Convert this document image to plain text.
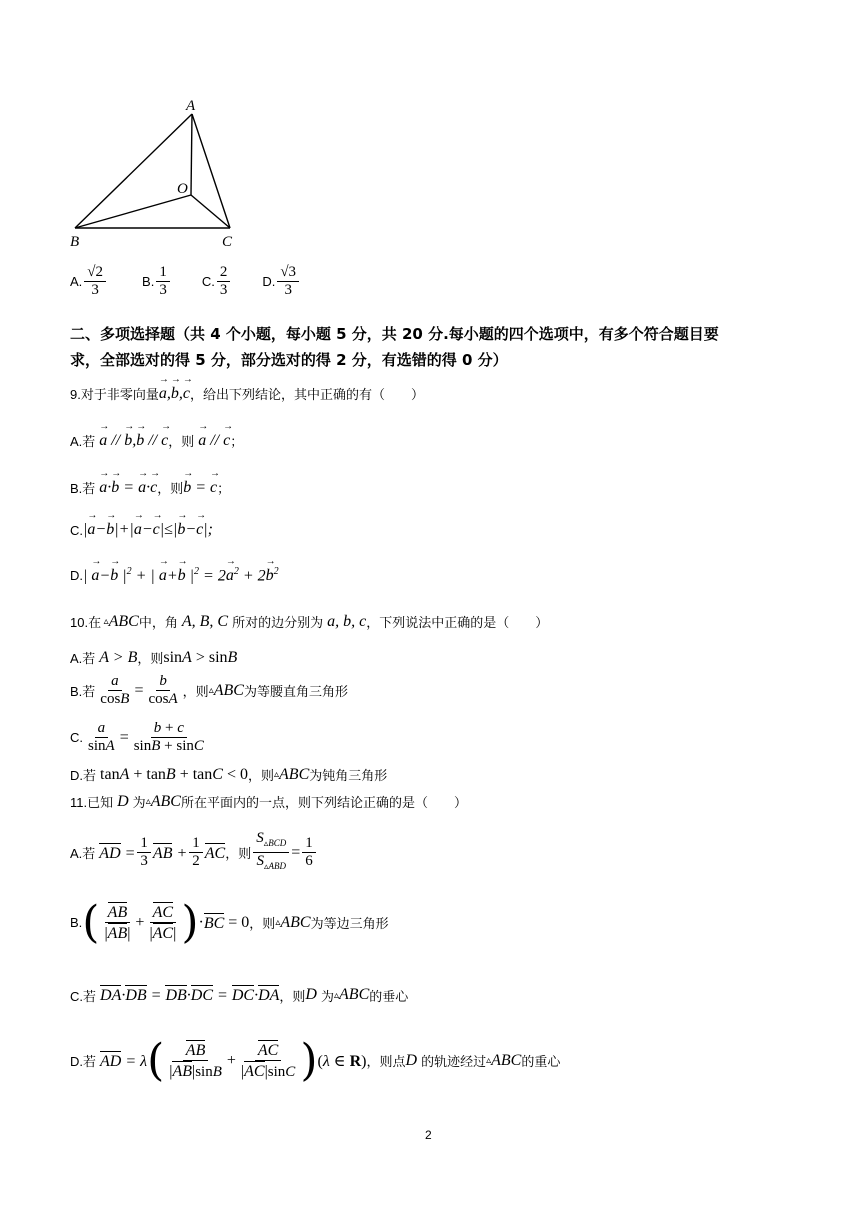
A
O
B	C
A. $\frac{√2}{3}$	B. $\frac{1}{3} C$. $\frac{2}{3} D$. $\frac{√3}{3}$
二、多项选择题（共 4 个小题，每小题 5 分，共 20 分.每小题的四个选项中，有多个符合题目要
求，全部选对的得 5 分，部分选对的得 2 分，有选错的得 0 分）
9.对于非零向量 → a,→ b,→ c ，给出下列结论，其中正确的有（　　）
A.若 → a // → b,→ b // → c ，则 → a // → c ；
B.若 → a·→ b = → a·→ c ，则 → b = → c ；
C. |→ a−→ b|+|→ a−→ c|≤|→ b−→ c|;
D. | → a−→ b $|^2$ + | → a+→ b $|^2 = 2\to a^2 + 2\to b^2$
10.在 ▵ ABC 中，角 A, B, C 所对的边分别为 a, b, c ，下列说法中正确的是（　　）
A.若 A > B ，则 sinA > sinB
B.若 $\frac{a}{\cos B} = \frac{b}{\cos A}$ ，则 ▵ ABC 为等腰直角三角形
C. $\frac{a}{\sin A} = \frac{b + c}{\sin B + \sin C}$
D.若 tanA + tanB + tanC < 0 ，则 ▵ ABC 为钝角三角形
11.已知 D 为 ▵ ABC 所在平面内的一点，则下列结论正确的是（　　）
A.若 AD = $\frac{1}{3}$ AB + $\frac{1}{2}$ AC ，则 $\frac{S_{▵BCD}}{S_{▵ABD}} = \frac{1}{6}$
B. ( $\frac{AB}{|AB|} + \frac{AC}{|AC|}$ ) · BC = 0 ，则 ▵ ABC 为等边三角形
C.若 DA·DB = DB·DC = DC·DA ，则 D 为 ▵ ABC 的垂心
D.若 AD = λ ( $\frac{AB}{|AB|\sin B} + \frac{AC}{|AC|\sin C}$ ) (λ ∈ R) ，则点 D 的轨迹经过 ▵ ABC 的重心
2
